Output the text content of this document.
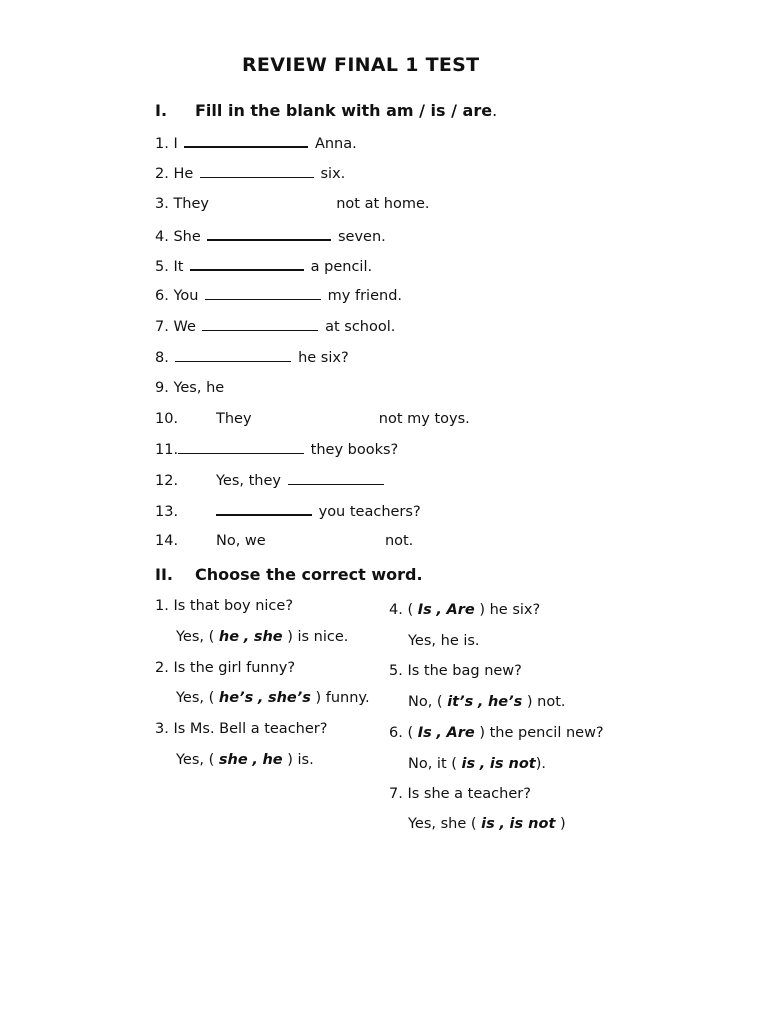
REVIEW FINAL 1 TEST
I. Fill in the blank with am / is / are.
1. I	Anna.
2. He	six.
3. They	not at home.
4. She	seven.
5. It	a pencil.
6. You	my friend.
7. We	at school.
8.	he six?
9. Yes, he
10.	They	not my toys.
11.	they books?
12.	Yes, they
13.	you teachers?
14.	No, we	not.
II. Choose the correct word.
1. Is that boy nice?
Yes, ( he , she ) is nice.
2. Is the girl funny?
Yes, ( he’s , she’s ) funny.
3. Is Ms. Bell a teacher?
Yes, ( she , he ) is.
4. ( Is , Are ) he six?
Yes, he is.
5. Is the bag new?
No, ( it’s , he’s ) not.
6. ( Is , Are ) the pencil new?
No, it ( is , is not).
7. Is she a teacher?
Yes, she ( is , is not )
